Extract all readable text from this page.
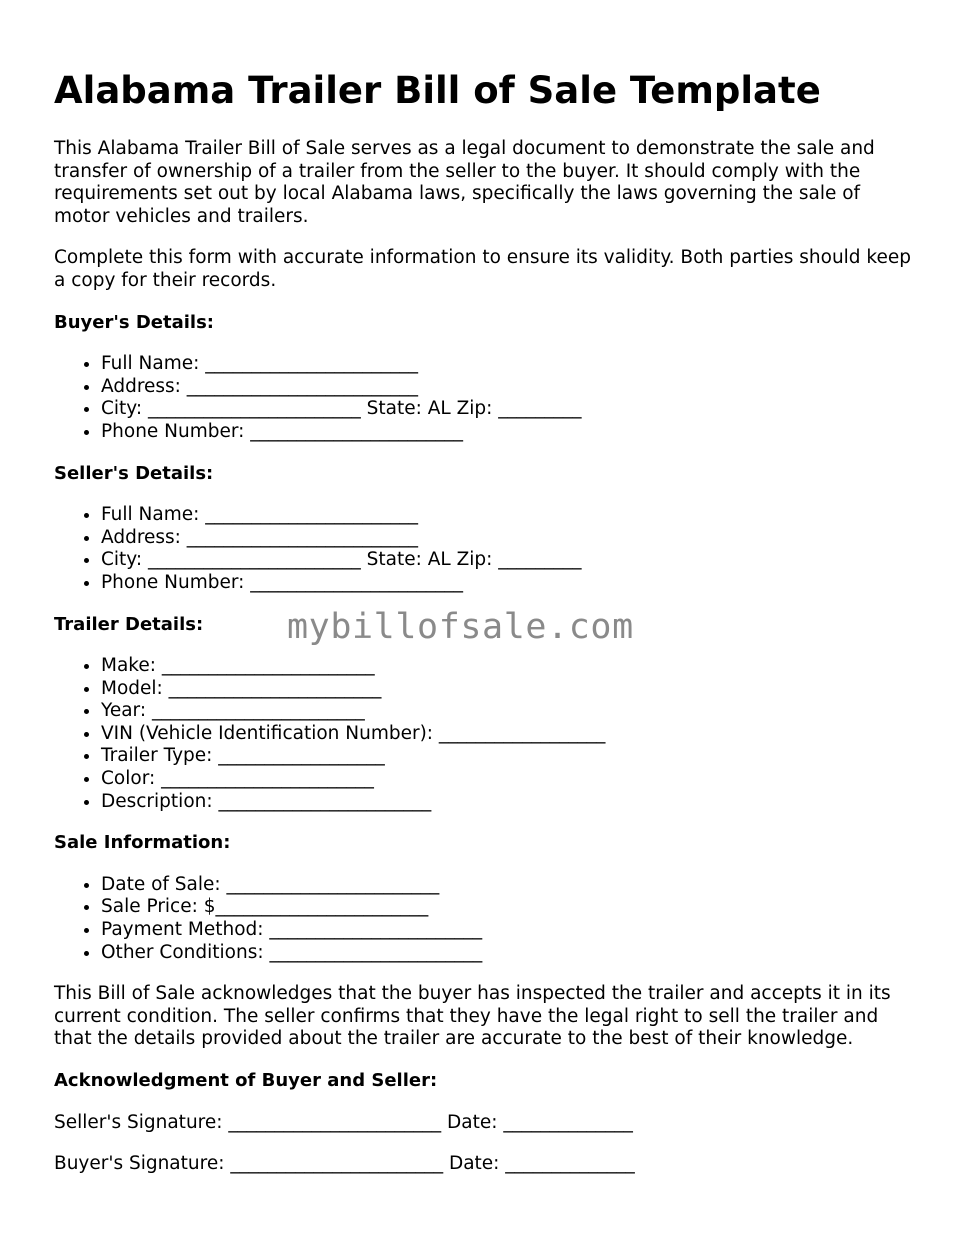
Alabama Trailer Bill of Sale Template

This Alabama Trailer Bill of Sale serves as a legal document to demonstrate the sale and transfer of ownership of a trailer from the seller to the buyer. It should comply with the requirements set out by local Alabama laws, specifically the laws governing the sale of motor vehicles and trailers.

Complete this form with accurate information to ensure its validity. Both parties should keep a copy for their records.

Buyer's Details:
• Full Name: _______________________
• Address: _________________________
• City: _______________________ State: AL Zip: _________
• Phone Number: _______________________
Seller's Details:
• Full Name: _______________________
• Address: _________________________
• City: _______________________ State: AL Zip: _________
• Phone Number: _______________________
Trailer Details:
• Make: _______________________
• Model: _______________________
• Year: _______________________
• VIN (Vehicle Identification Number): __________________
• Trailer Type: __________________
• Color: _______________________
• Description: _______________________
Sale Information:
• Date of Sale: _______________________
• Sale Price: $_______________________
• Payment Method: _______________________
• Other Conditions: _______________________

This Bill of Sale acknowledges that the buyer has inspected the trailer and accepts it in its current condition. The seller confirms that they have the legal right to sell the trailer and that the details provided about the trailer are accurate to the best of their knowledge.

Acknowledgment of Buyer and Seller:
Seller's Signature: _______________________ Date: ______________
Buyer's Signature: _______________________ Date: ______________
mybillofsale.com
